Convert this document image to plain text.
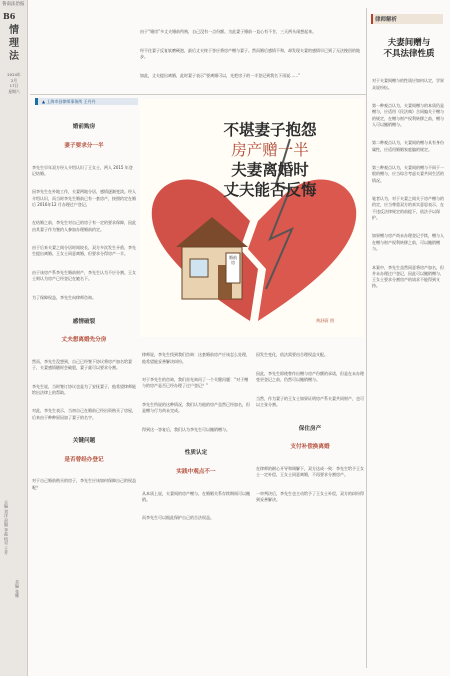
鲁南法治报
B6
情理法
2024年
2月
17日
星期六
主编 刘洋 责编 李磊 校对 王芳
美编 张娜

由于“婚房”多丈夫婚前所购，自己没有一点份额。为此妻子婚前一直心有不甘，三天两头闹想起来。

经不住妻子反复软磨硬泡，最后丈夫终于答应将房产赠与妻子。然而婚后感情不和，却发现夫妻的感情早已到了无法挽回的地步。

如此，丈夫提出离婚，此时妻子表示“要离婚可以，先把房子的一半登记到我名下再说……”

▲ 上海市昌律师事务所 王丹丹

婚前购房

妻子要求分一半

李先生早年双方经人介绍认识了王女士，两人 2015 年登记结婚。

因李先生在外地工作，夫妻两地分居，感情逐渐变淡。经人介绍认识，而当时李先生婚前已有一套房产，按照约定在婚后 2016年12 月办理过户登记。

在结婚之前，李先生对自己的房子有一定的要求保障，因此由其妻子作为签约人参加办理婚前约定。

由于后来夫妻之间分居时间较长，双方多次发生矛盾，李先生提出离婚。王女士同意离婚，但要求分得房产一半。

由于该房产系李先生婚前财产，李先生认为不应分割。王女士则认为房产已经登记在她名下。

为了保障权益，李先生向律师咨询。

感情破裂

丈夫想离婚先分房

然而，李先生没想到，自己已经签下协议将房产加名给妻子，夫妻感情随时会破裂，妻子就可以要求分割。

李先生说，当时签订协议也是为了安抚妻子，他希望律师能给出法律上的帮助。

对此，李先生表示，当初自己在婚前已经出资购买了房屋，后来由于种种原因加了妻子的名字。

关键问题

是否曾经办登记

对于自己婚前购买的房子，李先生应该如何保障自己的权益呢？

婚前房
不堪妻子抱怨
房产赠一半
夫妻离婚时
丈夫能否反悔
黄舒蔚 图

律师说，李先生找到我们咨询：这套婚前房产应该怎么处理，他希望能妥善解决纠纷。

对于李先生的咨询，我们首先询问了一个关键问题：“对于赠与的房产是否已经办理了过户登记？”

李先生所说的这种情况，我们认为他的房产虽然已经加名，但是赠与行为尚未完成。

得到这一答复后，我们认为李先生可以撤销赠与。

性质认定

实践中观点不一

从本质上说，夫妻间的房产赠与，在婚姻关系存续期间可以撤销。

而李先生可以据此保护自己的合法权益。

因发生变化，依法需要由合理权益支配。

因此，李先生即使曾作出赠与房产份额的承诺，但是在未办理变更登记之前，仍然可以撤销赠与。

当然，作为妻子的王女士如果证明房产系夫妻共同财产，也可以主张分割。

保住房产

支付补偿换离婚

在律师的耐心开导和调解下，双方达成一致：李先生给予王女士一定补偿，王女士同意离婚，不再要求分割房产。

一审判决后，李先生也主动给予了王女士补偿，双方的纠纷得到妥善解决。

律师解析
夫妻间赠与
不具法律性质

对于夫妻间赠与的性质应如何认定，学界众说纷纭。

第一种观点认为，夫妻间赠与的本质仍是赠与，应适用《民法典》合同编关于赠与的规定，在赠与财产权利转移之前，赠与人可以撤销赠与。

第二种观点认为，夫妻间的赠与具有身份属性，应适用婚姻家庭编的规定。

第三种观点认为，夫妻间的赠与不同于一般的赠与，应当综合考虑夫妻共同生活的情况。

笔者认为，对于夫妻之间关于房产赠与的约定，应当尊重双方的真实意思表示，在不违反法律规定的前提下，依法予以保护。

如果赠与房产尚未办理登记手续，赠与人在赠与财产权利转移之前，可以撤销赠与。

本案中，李先生虽然同意将房产加名，但并未办理过户登记，因此可以撤销赠与，王女士要求分割房产的请求不能得到支持。
